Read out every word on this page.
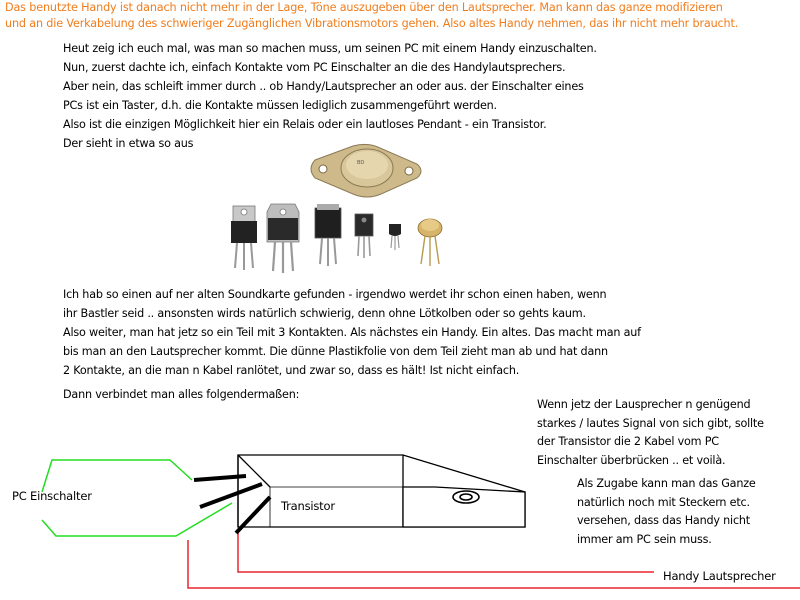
Das benutzte Handy ist danach nicht mehr in der Lage, Töne auszugeben über den Lautsprecher. Man kann das ganze modifizieren
und an die Verkabelung des schwieriger Zugänglichen Vibrationsmotors gehen. Also altes Handy nehmen, das ihr nicht mehr braucht.
Heut zeig ich euch mal, was man so machen muss, um seinen PC mit einem Handy einzuschalten.
Nun, zuerst dachte ich, einfach Kontakte vom PC Einschalter an die des Handylautsprechers.
Aber nein, das schleift immer durch .. ob Handy/Lautsprecher an oder aus. der Einschalter eines
PCs ist ein Taster, d.h. die Kontakte müssen lediglich zusammengeführt werden.
Also ist die einzigen Möglichkeit hier ein Relais oder ein lautloses Pendant - ein Transistor.
Der sieht in etwa so aus
BD
Ich hab so einen auf ner alten Soundkarte gefunden - irgendwo werdet ihr schon einen haben, wenn
ihr Bastler seid .. ansonsten wirds natürlich schwierig, denn ohne Lötkolben oder so gehts kaum.
Also weiter, man hat jetz so ein Teil mit 3 Kontakten. Als nächstes ein Handy. Ein altes. Das macht man auf
bis man an den Lautsprecher kommt. Die dünne Plastikfolie von dem Teil zieht man ab und hat dann
2 Kontakte, an die man n Kabel ranlötet, und zwar so, dass es hält! Ist nicht einfach.
Dann verbindet man alles folgendermaßen:
Wenn jetz der Lausprecher n genügend
starkes / lautes Signal von sich gibt, sollte
der Transistor die 2 Kabel vom PC
Einschalter überbrücken .. et voilà.
Als Zugabe kann man das Ganze
natürlich noch mit Steckern etc.
versehen, dass das Handy nicht
immer am PC sein muss.
PC Einschalter
Transistor
Handy Lautsprecher
